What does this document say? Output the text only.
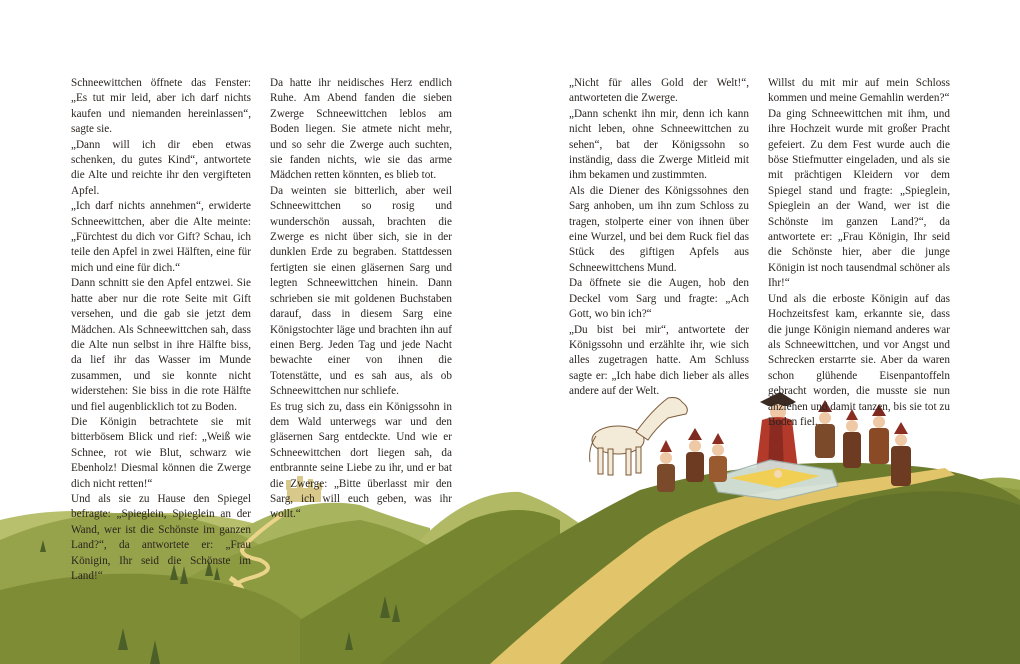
Schneewittchen öffnete das Fenster: „Es tut mir leid, aber ich darf nichts kaufen und niemanden hereinlassen“, sagte sie.

„Dann will ich dir eben etwas schenken, du gutes Kind“, antwortete die Alte und reichte ihr den vergifteten Apfel.

„Ich darf nichts annehmen“, erwiderte Schneewittchen, aber die Alte meinte: „Fürchtest du dich vor Gift? Schau, ich teile den Apfel in zwei Hälften, eine für mich und eine für dich.“

Dann schnitt sie den Apfel entzwei. Sie hatte aber nur die rote Seite mit Gift versehen, und die gab sie jetzt dem Mädchen. Als Schneewittchen sah, dass die Alte nun selbst in ihre Hälfte biss, da lief ihr das Wasser im Munde zusammen, und sie konnte nicht widerstehen: Sie biss in die rote Hälfte und fiel augenblicklich tot zu Boden.

Die Königin betrachtete sie mit bitterbösem Blick und rief: „Weiß wie Schnee, rot wie Blut, schwarz wie Ebenholz! Diesmal können die Zwerge dich nicht retten!“

Und als sie zu Hause den Spiegel befragte: „Spieglein, Spieglein an der Wand, wer ist die Schönste im ganzen Land?“, da antwortete er: „Frau Königin, Ihr seid die Schönste im Land!“

Da hatte ihr neidisches Herz endlich Ruhe. Am Abend fanden die sieben Zwerge Schneewittchen leblos am Boden liegen. Sie atmete nicht mehr, und so sehr die Zwerge auch suchten, sie fanden nichts, wie sie das arme Mädchen retten könnten, es blieb tot.

Da weinten sie bitterlich, aber weil Schneewittchen so rosig und wunderschön aussah, brachten die Zwerge es nicht über sich, sie in der dunklen Erde zu begraben. Stattdessen fertigten sie einen gläsernen Sarg und legten Schneewittchen hinein. Dann schrieben sie mit goldenen Buchstaben darauf, dass in diesem Sarg eine Königstochter läge und brachten ihn auf einen Berg. Jeden Tag und jede Nacht bewachte einer von ihnen die Totenstätte, und es sah aus, als ob Schneewittchen nur schliefe.

Es trug sich zu, dass ein Königssohn in dem Wald unterwegs war und den gläsernen Sarg entdeckte. Und wie er Schneewittchen dort liegen sah, da entbrannte seine Liebe zu ihr, und er bat die Zwerge: „Bitte überlasst mir den Sarg, ich will euch geben, was ihr wollt.“

„Nicht für alles Gold der Welt!“, antworteten die Zwerge.

„Dann schenkt ihn mir, denn ich kann nicht leben, ohne Schneewittchen zu sehen“, bat der Königssohn so inständig, dass die Zwerge Mitleid mit ihm bekamen und zustimmten.

Als die Diener des Königssohnes den Sarg anhoben, um ihn zum Schloss zu tragen, stolperte einer von ihnen über eine Wurzel, und bei dem Ruck fiel das Stück des giftigen Apfels aus Schneewittchens Mund.

Da öffnete sie die Augen, hob den Deckel vom Sarg und fragte: „Ach Gott, wo bin ich?“

„Du bist bei mir“, antwortete der Königssohn und erzählte ihr, wie sich alles zugetragen hatte. Am Schluss sagte er: „Ich habe dich lieber als alles andere auf der Welt.

Willst du mit mir auf mein Schloss kommen und meine Gemahlin werden?“

Da ging Schneewittchen mit ihm, und ihre Hochzeit wurde mit großer Pracht gefeiert. Zu dem Fest wurde auch die böse Stiefmutter eingeladen, und als sie mit prächtigen Kleidern vor dem Spiegel stand und fragte: „Spieglein, Spieglein an der Wand, wer ist die Schönste im ganzen Land?“, da antwortete er: „Frau Königin, Ihr seid die Schönste hier, aber die junge Königin ist noch tausendmal schöner als Ihr!“

Und als die erboste Königin auf das Hochzeitsfest kam, erkannte sie, dass die junge Königin niemand anderes war als Schneewittchen, und vor Angst und Schrecken erstarrte sie. Aber da waren schon glühende Eisenpantoffeln gebracht worden, die musste sie nun anziehen und damit tanzen, bis sie tot zu Boden fiel.
